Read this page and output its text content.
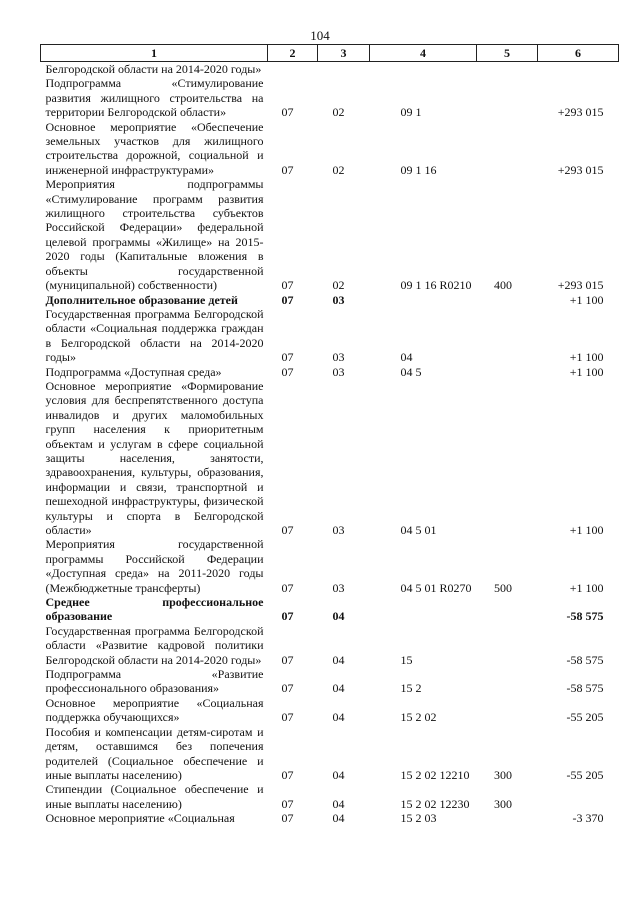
104
1	2	3	4	5	6
Белгородской области на 2014-2020 годы»					
Подпрограмма «Стимулирование развития жилищного строительства на территории Белгородской области»	07	02	09 1		+293 015
Основное мероприятие «Обеспечение земельных участков для жилищного строительства дорожной, социальной и инженерной инфраструктурами»	07	02	09 1 16		+293 015
Мероприятия подпрограммы «Стимулирование программ развития жилищного строительства субъектов Российской Федерации» федеральной целевой программы «Жилище» на 2015-2020 годы (Капитальные вложения в объекты государственной (муниципальной) собственности)	07	02	09 1 16 R0210	400	+293 015
Дополнительное образование детей	07	03			+1 100
Государственная программа Белгородской области «Социальная поддержка граждан в Белгородской области на 2014-2020 годы»	07	03	04		+1 100
Подпрограмма «Доступная среда»	07	03	04 5		+1 100
Основное мероприятие «Формирование условия для беспрепятственного доступа инвалидов и других маломобильных групп населения к приоритетным объектам и услугам в сфере социальной защиты населения, занятости, здравоохранения, культуры, образования, информации и связи, транспортной и пешеходной инфраструктуры, физической культуры и спорта в Белгородской области»	07	03	04 5 01		+1 100
Мероприятия государственной программы Российской Федерации «Доступная среда» на 2011-2020 годы (Межбюджетные трансферты)	07	03	04 5 01 R0270	500	+1 100
Среднее профессиональное образование	07	04			-58 575
Государственная программа Белгородской области «Развитие кадровой политики Белгородской области на 2014-2020 годы»	07	04	15		-58 575
Подпрограмма «Развитие профессионального образования»	07	04	15 2		-58 575
Основное мероприятие «Социальная поддержка обучающихся»	07	04	15 2 02		-55 205
Пособия и компенсации детям-сиротам и детям, оставшимся без попечения родителей (Социальное обеспечение и иные выплаты населению)	07	04	15 2 02 12210	300	-55 205
Стипендии (Социальное обеспечение и иные выплаты населению)	07	04	15 2 02 12230	300	
Основное мероприятие «Социальная	07	04	15 2 03		-3 370
